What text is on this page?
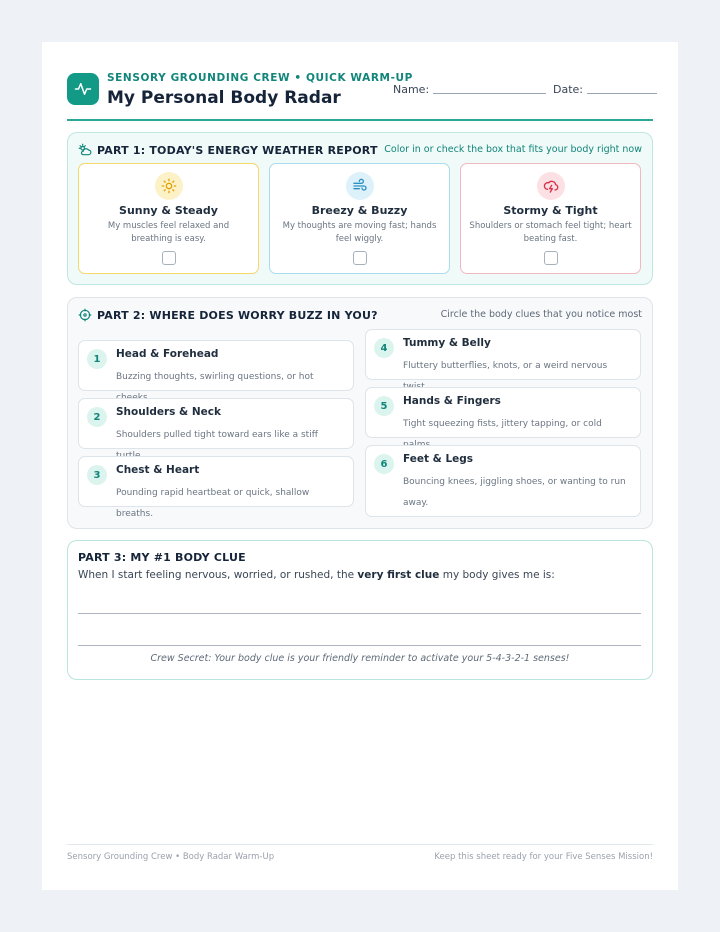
SENSORY GROUNDING CREW • QUICK WARM-UP
My Personal Body Radar	Name:	Date:
PART 1: TODAY'S ENERGY WEATHER REPORT Color in or check the box that fits your body right now
Sunny & Steady
My muscles feel relaxed and breathing is easy.
Breezy & Buzzy
My thoughts are moving fast; hands feel wiggly.
Stormy & Tight
Shoulders or stomach feel tight; heart beating fast.
PART 2: WHERE DOES WORRY BUZZ IN YOU?	Circle the body clues that you notice most
1	Head & Forehead
Buzzing thoughts, swirling questions, or hot
2	Shoulders & Neck
Shoulders pulled tight toward ears like a stiff
3	Chest & Heart
Pounding rapid heartbeat or quick, shallow breaths.
4	Tummy & Belly
Fluttery butterflies, knots, or a weird nervous
5	Hands & Fingers
Tight squeezing fists, jittery tapping, or cold
6	Feet & Legs
Bouncing knees, jiggling shoes, or wanting to run away.
PART 3: MY #1 BODY CLUE
When I start feeling nervous, worried, or rushed, the very first clue my body gives me is:
Crew Secret: Your body clue is your friendly reminder to activate your 5-4-3-2-1 senses!
Sensory Grounding Crew • Body Radar Warm-Up	Keep this sheet ready for your Five Senses Mission!
